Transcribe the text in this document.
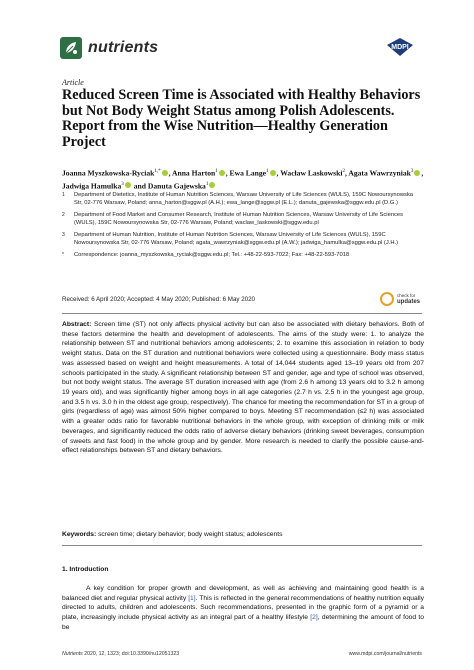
nutrients	MDPI
Article
Reduced Screen Time is Associated with Healthy Behaviors but Not Body Weight Status among Polish Adolescents. Report from the Wise Nutrition—Healthy Generation Project
Joanna Myszkowska-Ryciak$^{1,*}$ , Anna Harton$^1$ , Ewa Lange$^1$ , Wacław Laskowski$^2$, Agata Wawrzyniak$^3$ , Jadwiga Hamulka$^3$ and Danuta Gajewska$^1$
1 Department of Dietetics, Institute of Human Nutrition Sciences, Warsaw University of Life Sciences (WULS), 159C Nowoursynowska Str, 02-776 Warsaw, Poland; anna_harton@sggw.pl (A.H.); ewa_lange@sggw.pl (E.L.); danuta_gajewska@sggw.edu.pl (D.G.)
2 Department of Food Market and Consumer Research, Institute of Human Nutrition Sciences, Warsaw University of Life Sciences (WULS), 159C Nowoursynowska Str, 02-776 Warsaw, Poland; waclaw_laskowski@sggw.edu.pl
3 Department of Human Nutrition, Institute of Human Nutrition Sciences, Warsaw University of Life Sciences (WULS), 159C Nowoursynowska Str, 02-776 Warsaw, Poland; agata_wawrzyniak@sggw.edu.pl (A.W.); jadwiga_hamulka@sggw.edu.pl (J.H.)
* Correspondence: joanna_myszkowska_ryciak@sggw.edu.pl; Tel.: +48-22-593-7022; Fax: +48-22-593-7018
Received: 6 April 2020; Accepted: 4 May 2020; Published: 6 May 2020
check for
updates
Abstract: Screen time (ST) not only affects physical activity but can also be associated with dietary behaviors. Both of these factors determine the health and development of adolescents. The aims of the study were: 1. to analyze the relationship between ST and nutritional behaviors among adolescents; 2. to examine this association in relation to body weight status. Data on the ST duration and nutritional behaviors were collected using a questionnaire. Body mass status was assessed based on weight and height measurements. A total of 14,044 students aged 13–19 years old from 207 schools participated in the study. A significant relationship between ST and gender, age and type of school was observed, but not body weight status. The average ST duration increased with age (from 2.6 h among 13 years old to 3.2 h among 19 years old), and was significantly higher among boys in all age categories (2.7 h vs. 2.5 h in the youngest age group, and 3.5 h vs. 3.0 h in the oldest age group, respectively). The chance for meeting the recommendation for ST in a group of girls (regardless of age) was almost 50% higher compared to boys. Meeting ST recommendation (≤2 h) was associated with a greater odds ratio for favorable nutritional behaviors in the whole group, with exception of drinking milk or milk beverages, and significantly reduced the odds ratio of adverse dietary behaviors (drinking sweet beverages, consumption of sweets and fast food) in the whole group and by gender. More research is needed to clarify the possible cause-and-effect relationships between ST and dietary behaviors.
Keywords: screen time; dietary behavior; body weight status; adolescents
1. Introduction

A key condition for proper growth and development, as well as achieving and maintaining good health is a balanced diet and regular physical activity [1]. This is reflected in the general recommendations of healthy nutrition equally directed to adults, children and adolescents. Such recommendations, presented in the graphic form of a pyramid or a plate, increasingly include physical activity as an integral part of a healthy lifestyle [2], determining the amount of food to be

Nutrients 2020, 12, 1323; doi:10.3390/nu12051323	www.mdpi.com/journal/nutrients
